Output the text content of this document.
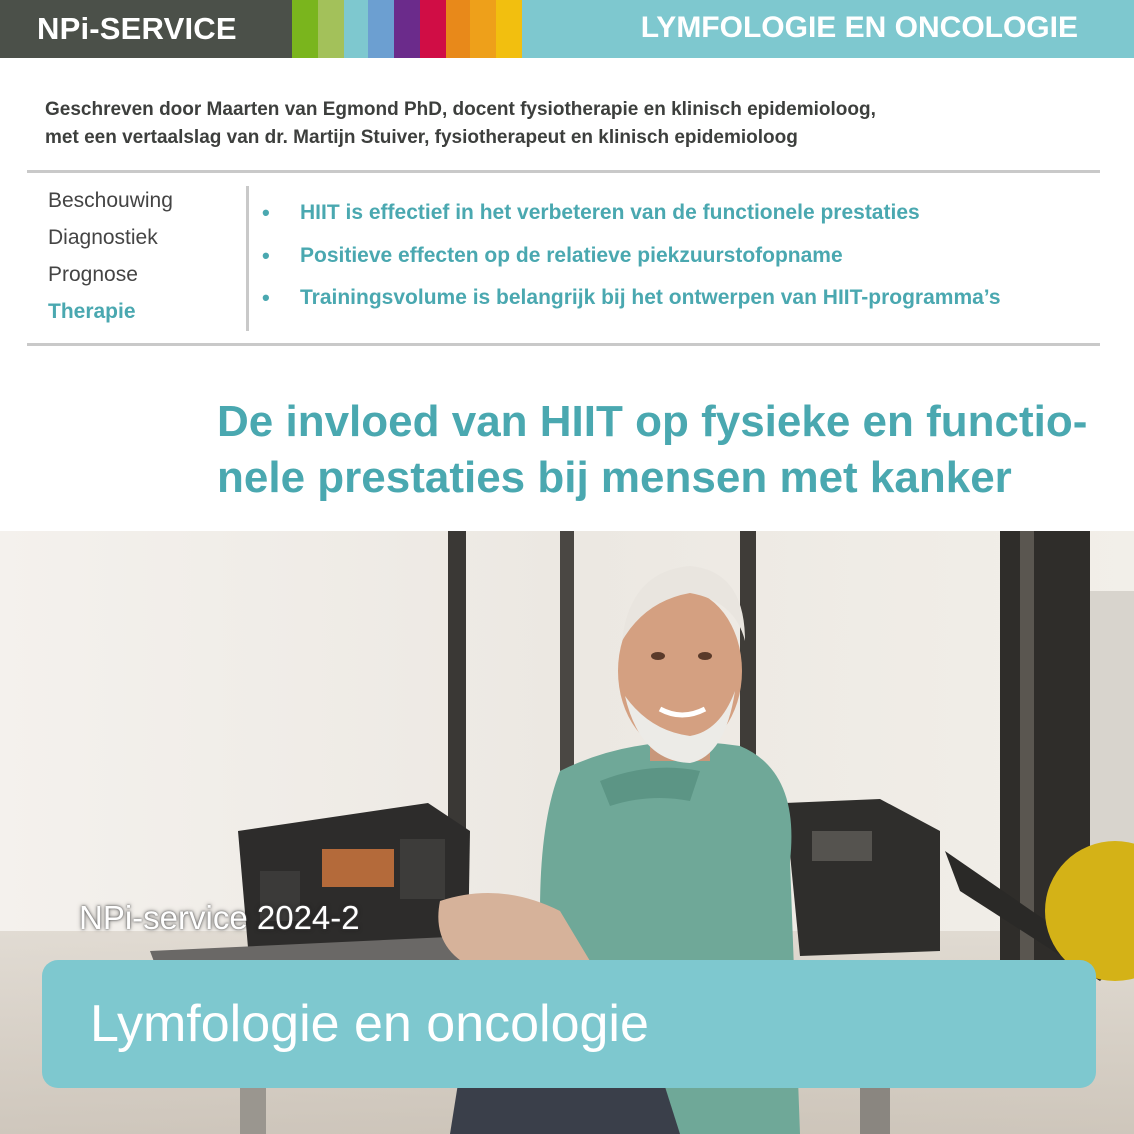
NPi-SERVICE	LYMFOLOGIE EN ONCOLOGIE
Geschreven door Maarten van Egmond PhD, docent fysiotherapie en klinisch epidemioloog,
met een vertaalslag van dr. Martijn Stuiver, fysiotherapeut en klinisch epidemioloog
Beschouwing
Diagnostiek
Prognose
Therapie
• HIIT is effectief in het verbeteren van de functionele prestaties
• Positieve effecten op de relatieve piekzuurstofopname
• Trainingsvolume is belangrijk bij het ontwerpen van HIIT-programma’s
De invloed van HIIT op fysieke en functio-
nele prestaties bij mensen met kanker
NPi-service 2024-2
Lymfologie en oncologie
